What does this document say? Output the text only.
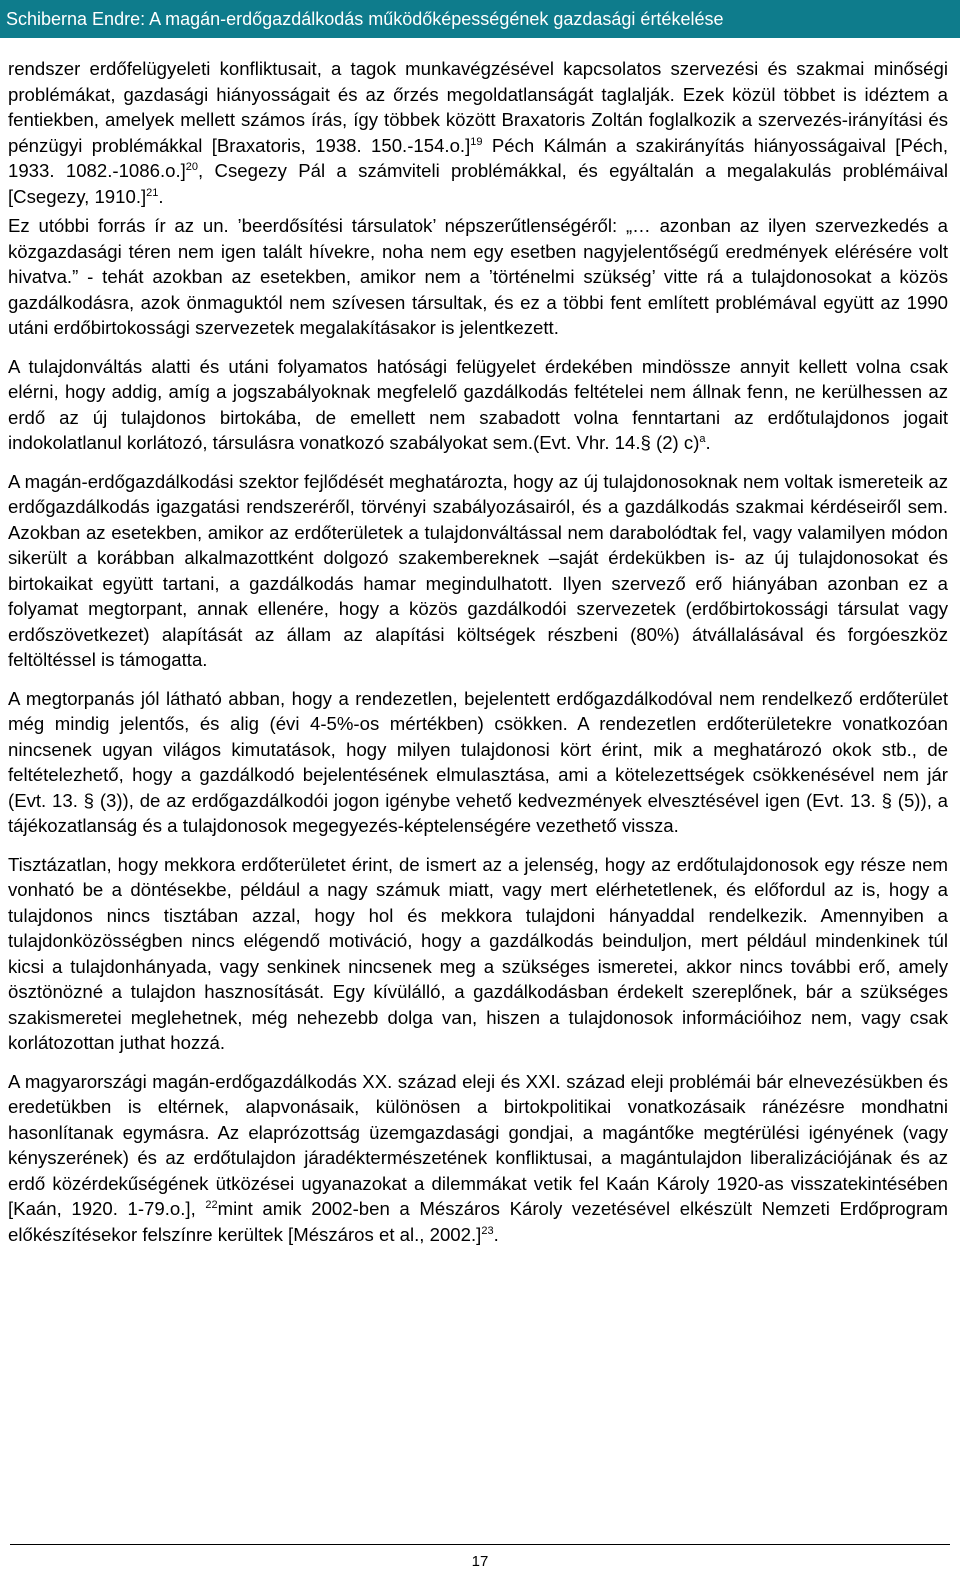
Schiberna Endre: A magán-erdőgazdálkodás működőképességének gazdasági értékelése

rendszer erdőfelügyeleti konfliktusait, a tagok munkavégzésével kapcsolatos szervezési és szakmai minőségi problémákat, gazdasági hiányosságait és az őrzés megoldatlanságát taglalják. Ezek közül többet is idéztem a fentiekben, amelyek mellett számos írás, így többek között Braxatoris Zoltán foglalkozik a szervezés-irányítási és pénzügyi problémákkal [Braxatoris, 1938. 150.-154.o.]$^{19}$ Péch Kálmán a szakirányítás hiányosságaival [Péch, 1933. 1082.-1086.o.]$^{20}$, Csegezy Pál a számviteli problémákkal, és egyáltalán a megalakulás problémáival [Csegezy, 1910.]$^{21}$.

Ez utóbbi forrás ír az un. ’beerdősítési társulatok’ népszerűtlenségéről: „… azonban az ilyen szervezkedés a közgazdasági téren nem igen talált hívekre, noha nem egy esetben nagyjelentőségű eredmények elérésére volt hivatva.” - tehát azokban az esetekben, amikor nem a ’történelmi szükség’ vitte rá a tulajdonosokat a közös gazdálkodásra, azok önmaguktól nem szívesen társultak, és ez a többi fent említett problémával együtt az 1990 utáni erdőbirtokossági szervezetek megalakításakor is jelentkezett.

A tulajdonváltás alatti és utáni folyamatos hatósági felügyelet érdekében mindössze annyit kellett volna csak elérni, hogy addig, amíg a jogszabályoknak megfelelő gazdálkodás feltételei nem állnak fenn, ne kerülhessen az erdő az új tulajdonos birtokába, de emellett nem szabadott volna fenntartani az erdőtulajdonos jogait indokolatlanul korlátozó, társulásra vonatkozó szabályokat sem.(Evt. Vhr. 14.§ (2) c)$^a$.

A magán-erdőgazdálkodási szektor fejlődését meghatározta, hogy az új tulajdonosoknak nem voltak ismereteik az erdőgazdálkodás igazgatási rendszeréről, törvényi szabályozásairól, és a gazdálkodás szakmai kérdéseiről sem. Azokban az esetekben, amikor az erdőterületek a tulajdonváltással nem darabolódtak fel, vagy valamilyen módon sikerült a korábban alkalmazottként dolgozó szakembereknek –saját érdekükben is- az új tulajdonosokat és birtokaikat együtt tartani, a gazdálkodás hamar megindulhatott. Ilyen szervező erő hiányában azonban ez a folyamat megtorpant, annak ellenére, hogy a közös gazdálkodói szervezetek (erdőbirtokossági társulat vagy erdőszövetkezet) alapítását az állam az alapítási költségek részbeni (80%) átvállalásával és forgóeszköz feltöltéssel is támogatta.

A megtorpanás jól látható abban, hogy a rendezetlen, bejelentett erdőgazdálkodóval nem rendelkező erdőterület még mindig jelentős, és alig (évi 4-5%-os mértékben) csökken. A rendezetlen erdőterületekre vonatkozóan nincsenek ugyan világos kimutatások, hogy milyen tulajdonosi kört érint, mik a meghatározó okok stb., de feltételezhető, hogy a gazdálkodó bejelentésének elmulasztása, ami a kötelezettségek csökkenésével nem jár (Evt. 13. § (3)), de az erdőgazdálkodói jogon igénybe vehető kedvezmények elvesztésével igen (Evt. 13. § (5)), a tájékozatlanság és a tulajdonosok megegyezés-képtelenségére vezethető vissza.

Tisztázatlan, hogy mekkora erdőterületet érint, de ismert az a jelenség, hogy az erdőtulajdonosok egy része nem vonható be a döntésekbe, például a nagy számuk miatt, vagy mert elérhetetlenek, és előfordul az is, hogy a tulajdonos nincs tisztában azzal, hogy hol és mekkora tulajdoni hányaddal rendelkezik. Amennyiben a tulajdonközösségben nincs elégendő motiváció, hogy a gazdálkodás beinduljon, mert például mindenkinek túl kicsi a tulajdonhányada, vagy senkinek nincsenek meg a szükséges ismeretei, akkor nincs további erő, amely ösztönözné a tulajdon hasznosítását. Egy kívülálló, a gazdálkodásban érdekelt szereplőnek, bár a szükséges szakismeretei meglehetnek, még nehezebb dolga van, hiszen a tulajdonosok információihoz nem, vagy csak korlátozottan juthat hozzá.

A magyarországi magán-erdőgazdálkodás XX. század eleji és XXI. század eleji problémái bár elnevezésükben és eredetükben is eltérnek, alapvonásaik, különösen a birtokpolitikai vonatkozásaik ránézésre mondhatni hasonlítanak egymásra. Az elaprózottság üzemgazdasági gondjai, a magántőke megtérülési igényének (vagy kényszerének) és az erdőtulajdon járadéktermészetének konfliktusai, a magántulajdon liberalizációjának és az erdő közérdekűségének ütközései ugyanazokat a dilemmákat vetik fel Kaán Károly 1920-as visszatekintésében [Kaán, 1920. 1-79.o.], $^{22}$mint amik 2002-ben a Mészáros Károly vezetésével elkészült Nemzeti Erdőprogram előkészítésekor felszínre kerültek [Mészáros et al., 2002.]$^{23}$.

17
